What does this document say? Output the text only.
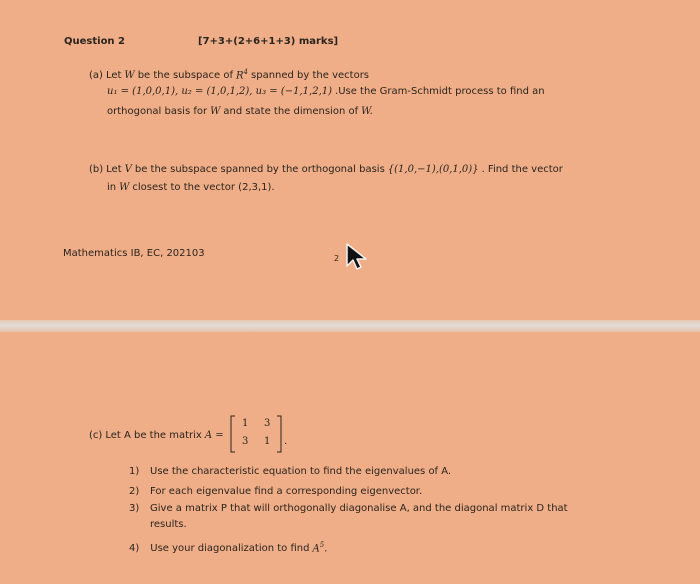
Question 2	[7+3+(2+6+1+3) marks]
(a) Let W be the subspace of $R^4$ spanned by the vectors
u₁ = (1,0,0,1), u₂ = (1,0,1,2), u₃ = (−1,1,2,1) .Use the Gram-Schmidt process to find an
orthogonal basis for W and state the dimension of W.
(b) Let V be the subspace spanned by the orthogonal basis {(1,0,−1),(0,1,0)} . Find the vector
in W closest to the vector (2,3,1).
Mathematics IB, EC, 202103	2
(c) Let A be the matrix A =
1 3
3 1 .
1) Use the characteristic equation to find the eigenvalues of A.
2) For each eigenvalue find a corresponding eigenvector.
3) Give a matrix P that will orthogonally diagonalise A, and the diagonal matrix D that
results.
4) Use your diagonalization to find $A^5$.
